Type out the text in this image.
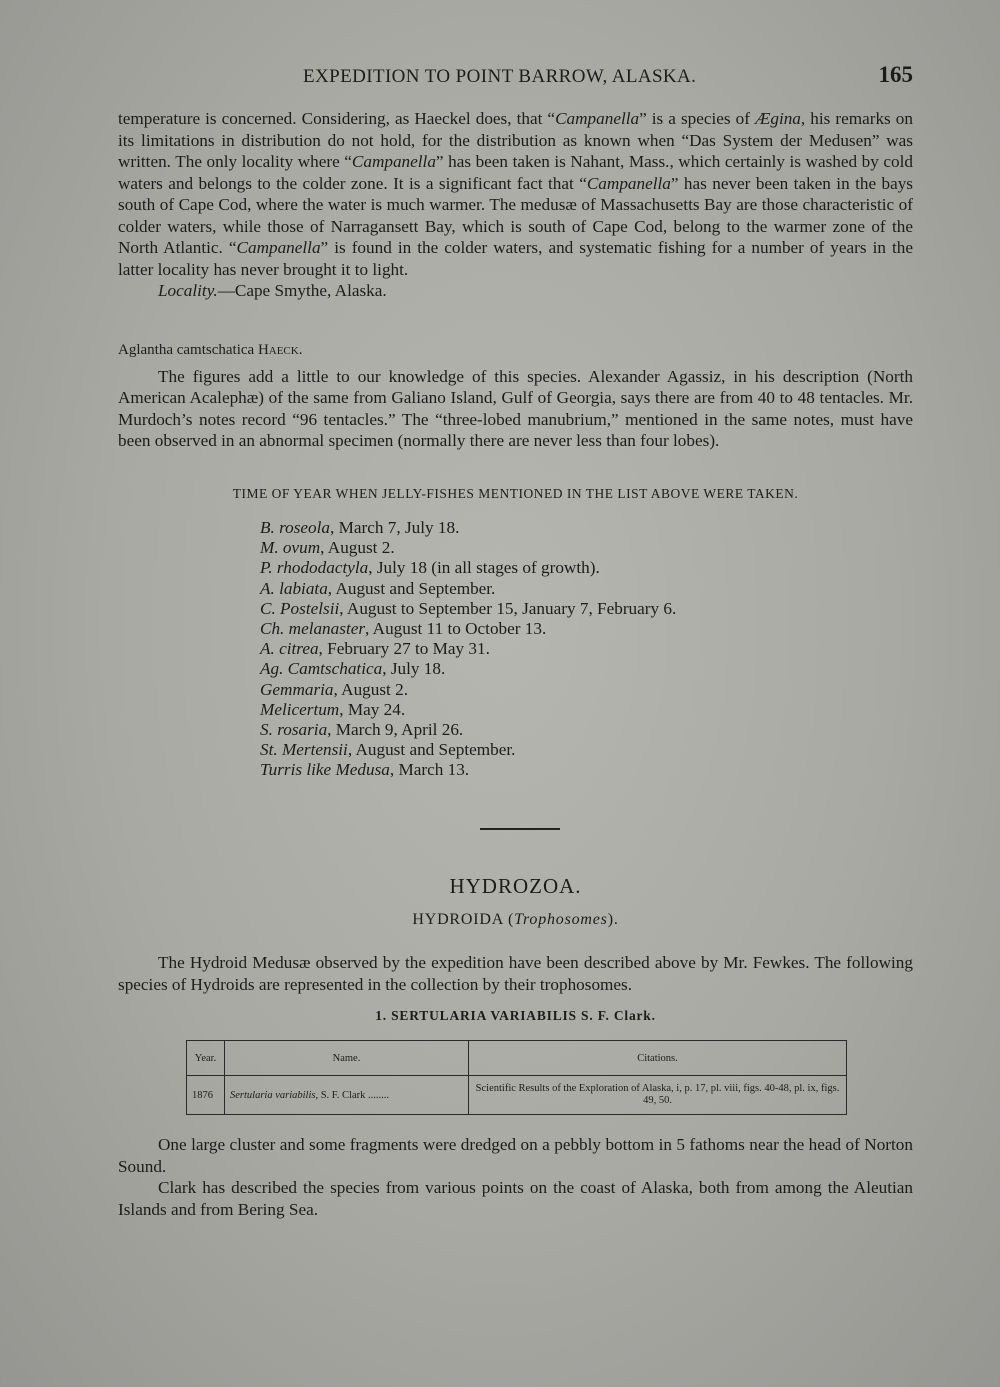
EXPEDITION TO POINT BARROW, ALASKA.	165

temperature is concerned. Considering, as Haeckel does, that “Campanella” is a species of Ægina, his remarks on its limitations in distribution do not hold, for the distribution as known when “Das System der Medusen” was written. The only locality where “Campanella” has been taken is Nahant, Mass., which certainly is washed by cold waters and belongs to the colder zone. It is a significant fact that “Campanella” has never been taken in the bays south of Cape Cod, where the water is much warmer. The medusæ of Massachusetts Bay are those characteristic of colder waters, while those of Narragansett Bay, which is south of Cape Cod, belong to the warmer zone of the North Atlantic. “Campanella” is found in the colder waters, and systematic fishing for a number of years in the latter locality has never brought it to light.

Locality.—Cape Smythe, Alaska.

Aglantha camtschatica Haeck.

The figures add a little to our knowledge of this species. Alexander Agassiz, in his description (North American Acalephæ) of the same from Galiano Island, Gulf of Georgia, says there are from 40 to 48 tentacles. Mr. Murdoch’s notes record “96 tentacles.” The “three-lobed manubrium,” mentioned in the same notes, must have been observed in an abnormal specimen (normally there are never less than four lobes).

TIME OF YEAR WHEN JELLY-FISHES MENTIONED IN THE LIST ABOVE WERE TAKEN.
B. roseola, March 7, July 18.
M. ovum, August 2.
P. rhododactyla, July 18 (in all stages of growth).
A. labiata, August and September.
C. Postelsii, August to September 15, January 7, February 6.
Ch. melanaster, August 11 to October 13.
A. citrea, February 27 to May 31.
Ag. Camtschatica, July 18.
Gemmaria, August 2.
Melicertum, May 24.
S. rosaria, March 9, April 26.
St. Mertensii, August and September.
Turris like Medusa, March 13.
HYDROZOA.
HYDROIDA (Trophosomes).

The Hydroid Medusæ observed by the expedition have been described above by Mr. Fewkes. The following species of Hydroids are represented in the collection by their trophosomes.

1. SERTULARIA VARIABILIS S. F. Clark.
Year.	Name.	Citations.
1876	Sertularia variabilis, S. F. Clark ........	Scientific Results of the Exploration of Alaska, i, p. 17, pl. viii, figs. 40-48, pl. ix, figs. 49, 50.

One large cluster and some fragments were dredged on a pebbly bottom in 5 fathoms near the head of Norton Sound.

Clark has described the species from various points on the coast of Alaska, both from among the Aleutian Islands and from Bering Sea.
